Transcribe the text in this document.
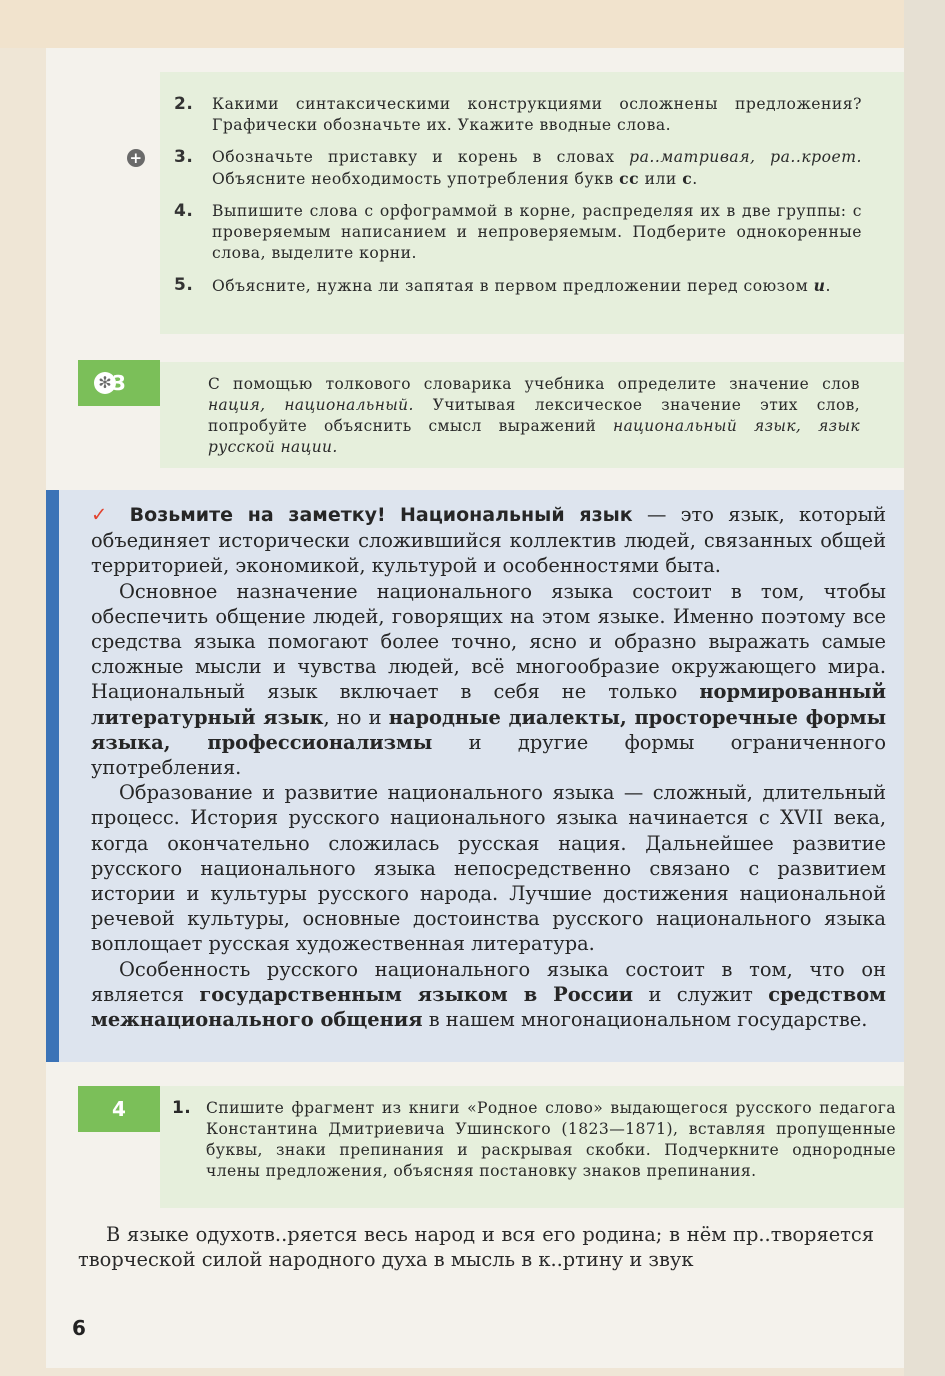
2. Какими синтаксическими конструкциями осложнены предложения? Графически обозначьте их. Укажите вводные слова.
+ 3. Обозначьте приставку и корень в словах ра..матривая, ра..кроет. Объясните необходимость употребления букв сс или с.
4. Выпишите слова с орфограммой в корне, распределяя их в две группы: с проверяемым написанием и непроверяемым. Подберите однокоренные слова, выделите корни.
5. Объясните, нужна ли запятая в первом предложении перед союзом и.
✻ 3	С помощью толкового словарика учебника определите значение слов нация, национальный. Учитывая лексическое значение этих слов, попробуйте объяснить смысл выражений национальный язык, язык русской нации.

✓ Возьмите на заметку! Национальный язык — это язык, который объединяет исторически сложившийся коллектив людей, связанных общей территорией, экономикой, культурой и особенностями быта.

Основное назначение национального языка состоит в том, чтобы обеспечить общение людей, говорящих на этом языке. Именно поэтому все средства языка помогают более точно, ясно и образно выражать самые сложные мысли и чувства людей, всё многообразие окружающего мира. Национальный язык включает в себя не только нормированный литературный язык, но и народные диалекты, просторечные формы языка, профессионализмы и другие формы ограниченного употребления.

Образование и развитие национального языка — сложный, длительный процесс. История русского национального языка начинается с XVII века, когда окончательно сложилась русская нация. Дальнейшее развитие русского национального языка непосредственно связано с развитием истории и культуры русского народа. Лучшие достижения национальной речевой культуры, основные достоинства русского национального языка воплощает русская художественная литература.

Особенность русского национального языка состоит в том, что он является государственным языком в России и служит средством межнационального общения в нашем многонациональном государстве.

4	1. Спишите фрагмент из книги «Родное слово» выдающегося русского педагога Константина Дмитриевича Ушинского (1823—1871), вставляя пропущенные буквы, знаки препинания и раскрывая скобки. Подчеркните однородные члены предложения, объясняя постановку знаков препинания.
В языке одухотв..ряется весь народ и вся его родина; в нём пр..творяется творческой силой народного духа в мысль в к..ртину и звук
6
